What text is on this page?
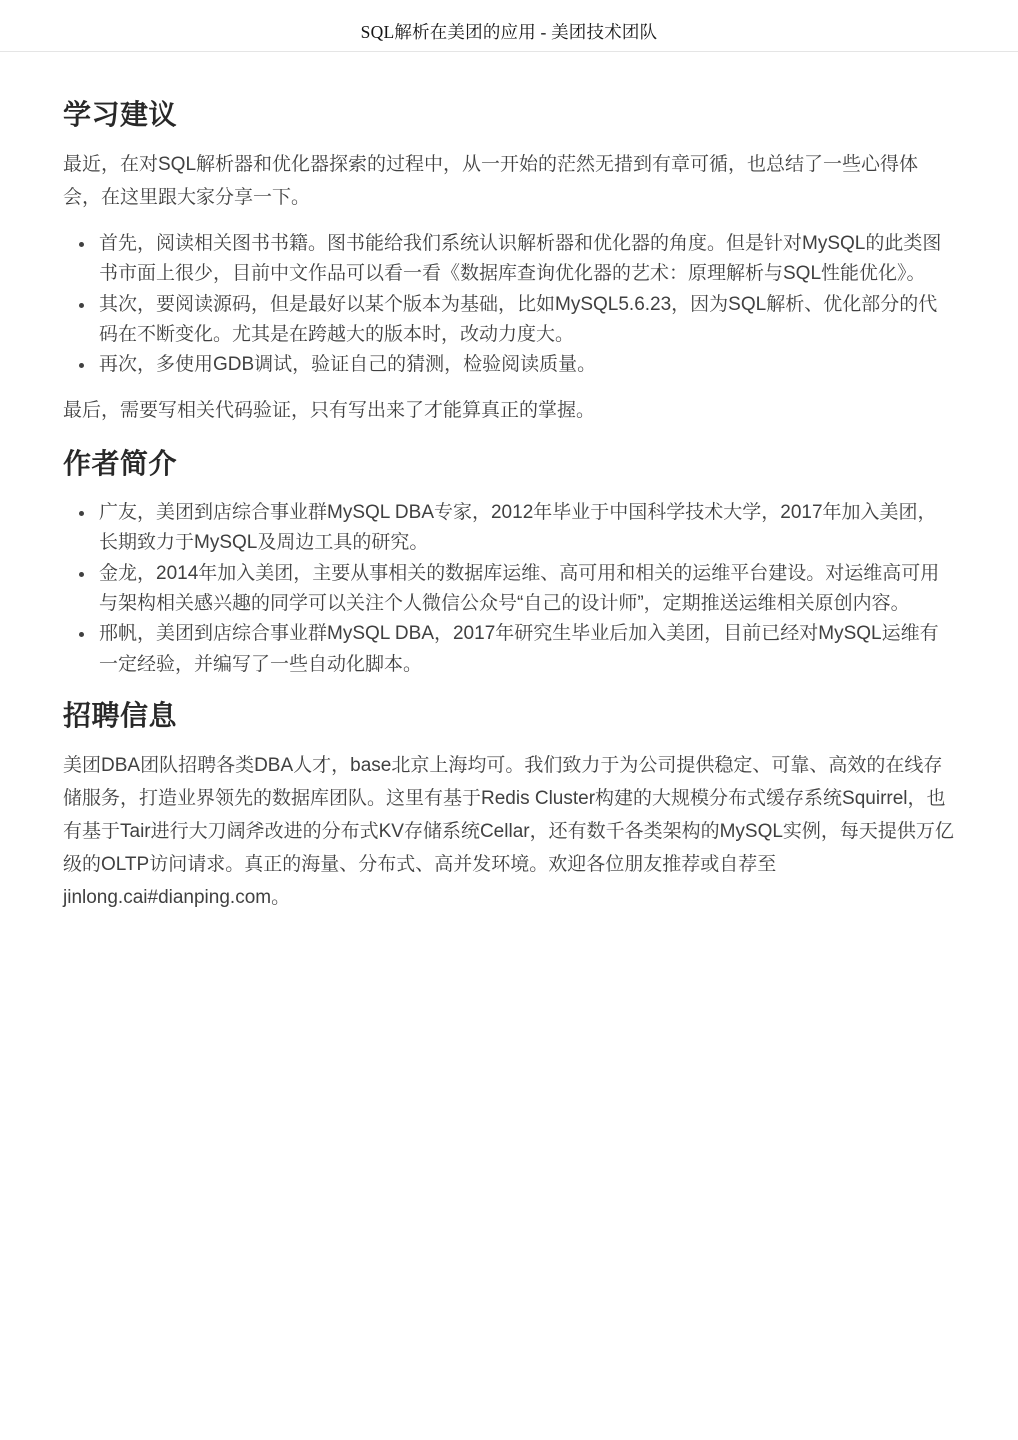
SQL解析在美团的应用 - 美团技术团队
学习建议

最近，在对SQL解析器和优化器探索的过程中，从一开始的茫然无措到有章可循，也总结了一些心得体会，在这里跟大家分享一下。

• 首先，阅读相关图书书籍。图书能给我们系统认识解析器和优化器的角度。但是针对MySQL的此类图书市面上很少，目前中文作品可以看一看《数据库查询优化器的艺术：原理解析与SQL性能优化》。
• 其次，要阅读源码，但是最好以某个版本为基础，比如MySQL5.6.23，因为SQL解析、优化部分的代码在不断变化。尤其是在跨越大的版本时，改动力度大。
• 再次，多使用GDB调试，验证自己的猜测，检验阅读质量。

最后，需要写相关代码验证，只有写出来了才能算真正的掌握。

作者简介
• 广友，美团到店综合事业群MySQL DBA专家，2012年毕业于中国科学技术大学，2017年加入美团，长期致力于MySQL及周边工具的研究。
• 金龙，2014年加入美团，主要从事相关的数据库运维、高可用和相关的运维平台建设。对运维高可用与架构相关感兴趣的同学可以关注个人微信公众号“自己的设计师”，定期推送运维相关原创内容。
• 邢帆，美团到店综合事业群MySQL DBA，2017年研究生毕业后加入美团，目前已经对MySQL运维有一定经验，并编写了一些自动化脚本。
招聘信息

美团DBA团队招聘各类DBA人才，base北京上海均可。我们致力于为公司提供稳定、可靠、高效的在线存储服务，打造业界领先的数据库团队。这里有基于Redis Cluster构建的大规模分布式缓存系统Squirrel，也有基于Tair进行大刀阔斧改进的分布式KV存储系统Cellar，还有数千各类架构的MySQL实例，每天提供万亿级的OLTP访问请求。真正的海量、分布式、高并发环境。欢迎各位朋友推荐或自荐至jinlong.cai#dianping.com。
